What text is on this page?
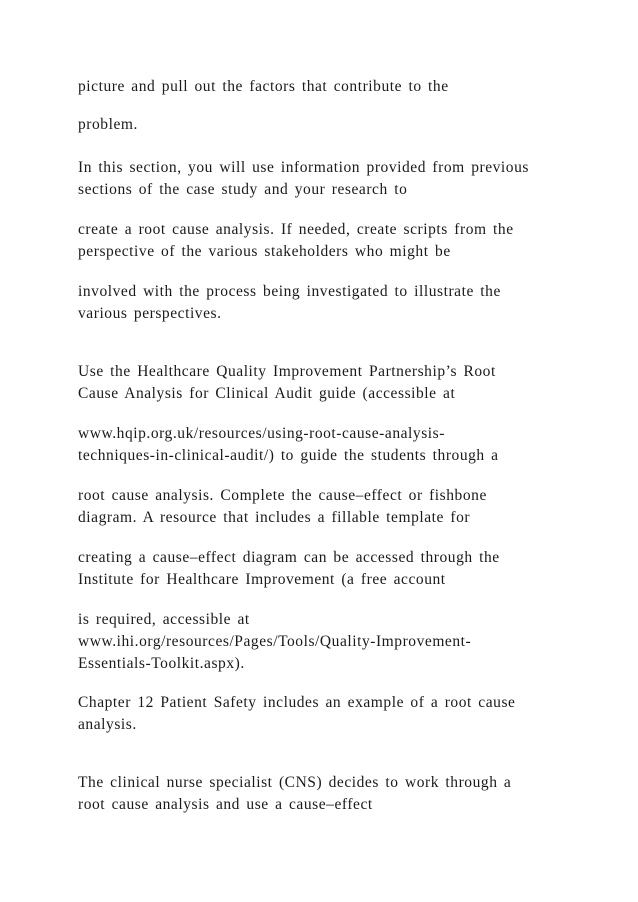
picture and pull out the factors that contribute to the
problem.
In this section, you will use information provided from previous
sections of the case study and your research to
create a root cause analysis. If needed, create scripts from the
perspective of the various stakeholders who might be
involved with the process being investigated to illustrate the
various perspectives.
Use the Healthcare Quality Improvement Partnership’s Root
Cause Analysis for Clinical Audit guide (accessible at
www.hqip.org.uk/resources/using-root-cause-analysis-
techniques-in-clinical-audit/) to guide the students through a
root cause analysis. Complete the cause–effect or fishbone
diagram. A resource that includes a fillable template for
creating a cause–effect diagram can be accessed through the
Institute for Healthcare Improvement (a free account
is required, accessible at
www.ihi.org/resources/Pages/Tools/Quality-Improvement-
Essentials-Toolkit.aspx).
Chapter 12 Patient Safety includes an example of a root cause
analysis.
The clinical nurse specialist (CNS) decides to work through a
root cause analysis and use a cause–effect
